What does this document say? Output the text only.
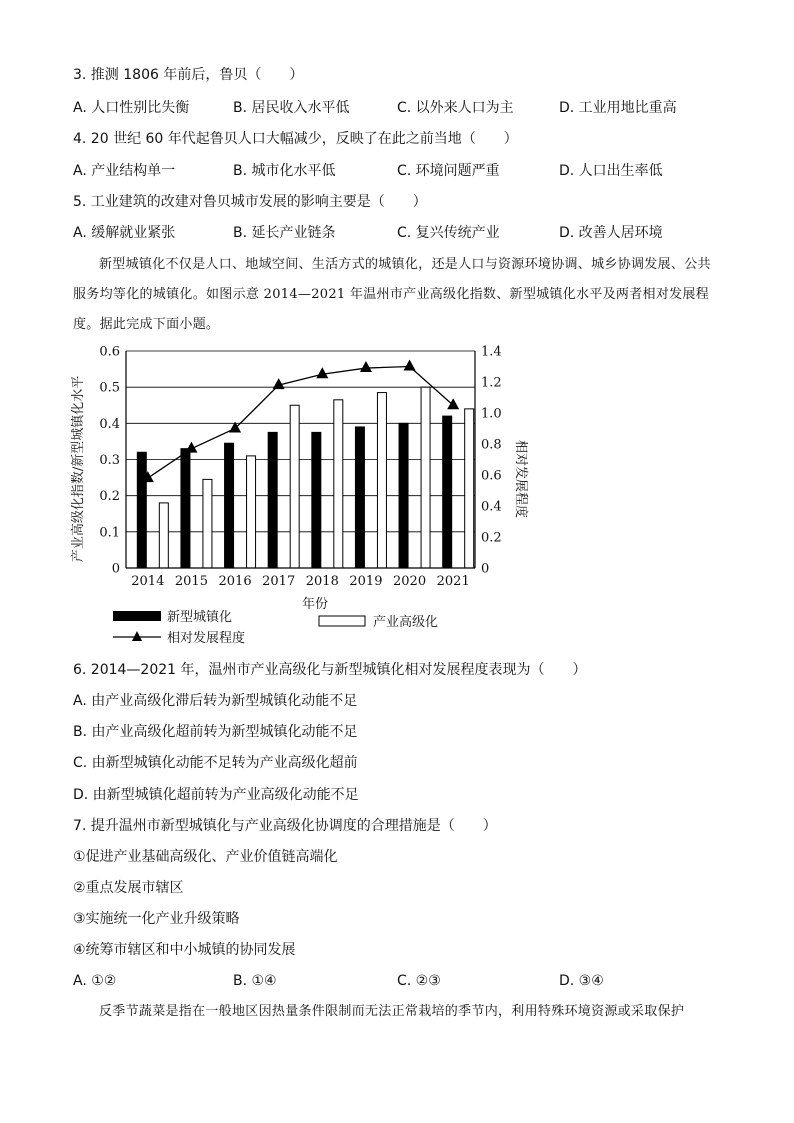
3. 推测 1806 年前后，鲁贝（　　）
A. 人口性别比失衡	B. 居民收入水平低	C. 以外来人口为主	D. 工业用地比重高
4. 20 世纪 60 年代起鲁贝人口大幅减少，反映了在此之前当地（　　）
A. 产业结构单一	B. 城市化水平低	C. 环境问题严重	D. 人口出生率低
5. 工业建筑的改建对鲁贝城市发展的影响主要是（　　）
A. 缓解就业紧张	B. 延长产业链条	C. 复兴传统产业	D. 改善人居环境
新型城镇化不仅是人口、地域空间、生活方式的城镇化，还是人口与资源环境协调、城乡协调发展、公共服务均等化的城镇化。如图示意 2014—2021 年温州市产业高级化指数、新型城镇化水平及两者相对发展程度。据此完成下面小题。
0
0.1
0.2
0.3
0.4
0.5
0.6
0
0.2
0.4
0.6
0.8
1.0
1.2
1.4
2014 2015 2016 2017 2018 2019 2020 2021
产业高级化指数/新型城镇化水平	相对发展程度
年份
新型城镇化	产业高级化
相对发展程度
6. 2014—2021 年，温州市产业高级化与新型城镇化相对发展程度表现为（　　）
A. 由产业高级化滞后转为新型城镇化动能不足
B. 由产业高级化超前转为新型城镇化动能不足
C. 由新型城镇化动能不足转为产业高级化超前
D. 由新型城镇化超前转为产业高级化动能不足
7. 提升温州市新型城镇化与产业高级化协调度的合理措施是（　　）
①促进产业基础高级化、产业价值链高端化
②重点发展市辖区
③实施统一化产业升级策略
④统筹市辖区和中小城镇的协同发展
A. ①②	B. ①④	C. ②③	D. ③④
反季节蔬菜是指在一般地区因热量条件限制而无法正常栽培的季节内，利用特殊环境资源或采取保护
